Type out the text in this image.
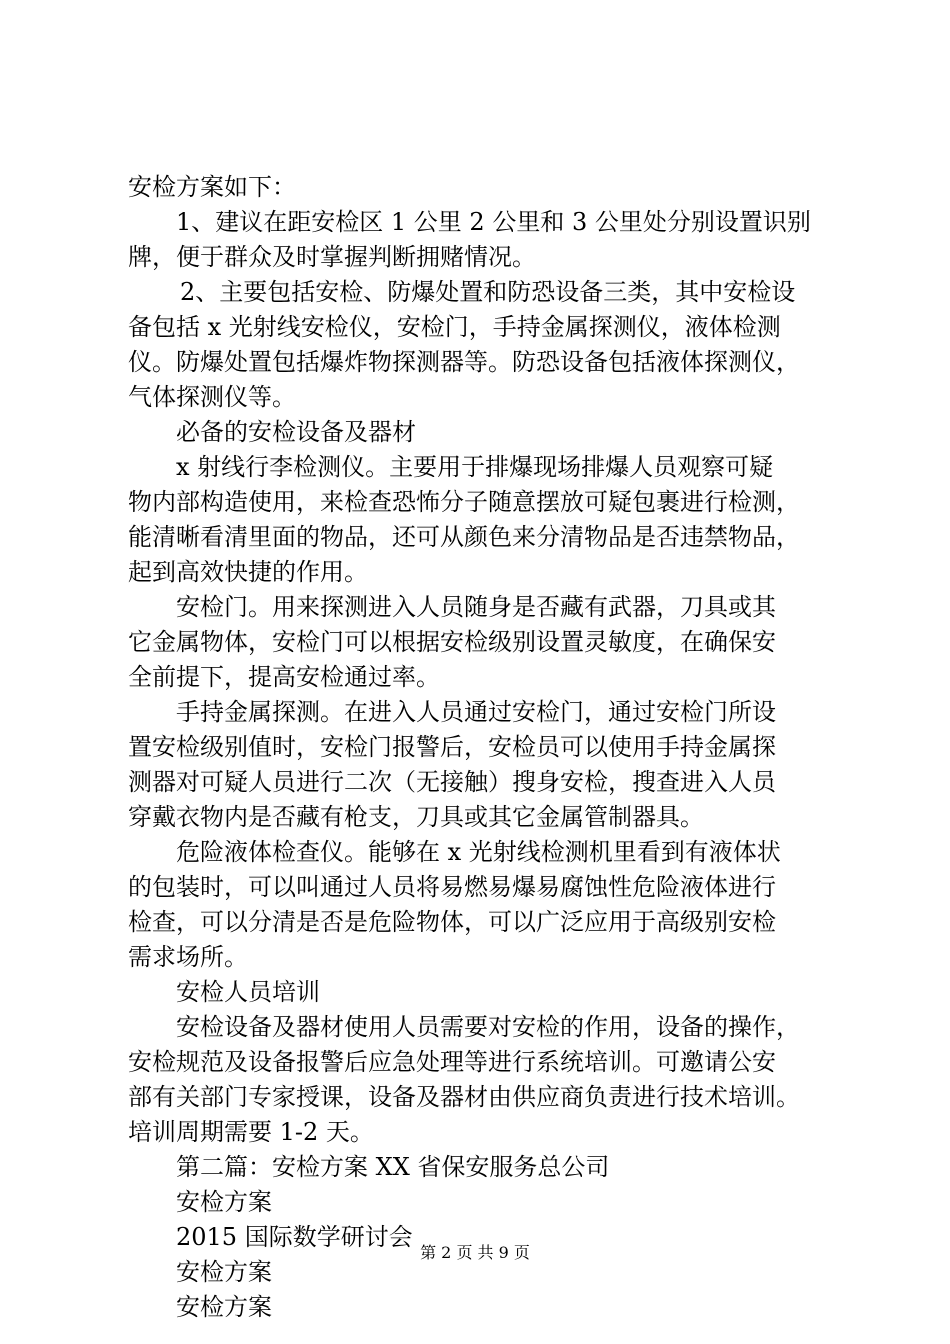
安检方案如下：
1、建议在距安检区 1 公里 2 公里和 3 公里处分别设置识别
牌，便于群众及时掌握判断拥赌情况。
2、主要包括安检、防爆处置和防恐设备三类，其中安检设
备包括 x 光射线安检仪，安检门，手持金属探测仪，液体检测
仪。防爆处置包括爆炸物探测器等。防恐设备包括液体探测仪，
气体探测仪等。
必备的安检设备及器材
x 射线行李检测仪。主要用于排爆现场排爆人员观察可疑
物内部构造使用，来检查恐怖分子随意摆放可疑包裹进行检测，
能清晰看清里面的物品，还可从颜色来分清物品是否违禁物品，
起到高效快捷的作用。
安检门。用来探测进入人员随身是否藏有武器，刀具或其
它金属物体，安检门可以根据安检级别设置灵敏度，在确保安
全前提下，提高安检通过率。
手持金属探测。在进入人员通过安检门，通过安检门所设
置安检级别值时，安检门报警后，安检员可以使用手持金属探
测器对可疑人员进行二次（无接触）搜身安检，搜查进入人员
穿戴衣物内是否藏有枪支，刀具或其它金属管制器具。
危险液体检查仪。能够在 x 光射线检测机里看到有液体状
的包装时，可以叫通过人员将易燃易爆易腐蚀性危险液体进行
检查，可以分清是否是危险物体，可以广泛应用于高级别安检
需求场所。
安检人员培训
安检设备及器材使用人员需要对安检的作用，设备的操作，
安检规范及设备报警后应急处理等进行系统培训。可邀请公安
部有关部门专家授课，设备及器材由供应商负责进行技术培训。
培训周期需要 1-2 天。
第二篇：安检方案 XX 省保安服务总公司
安检方案
2015 国际数学研讨会
安检方案
安检方案
第 2 页 共 9 页
